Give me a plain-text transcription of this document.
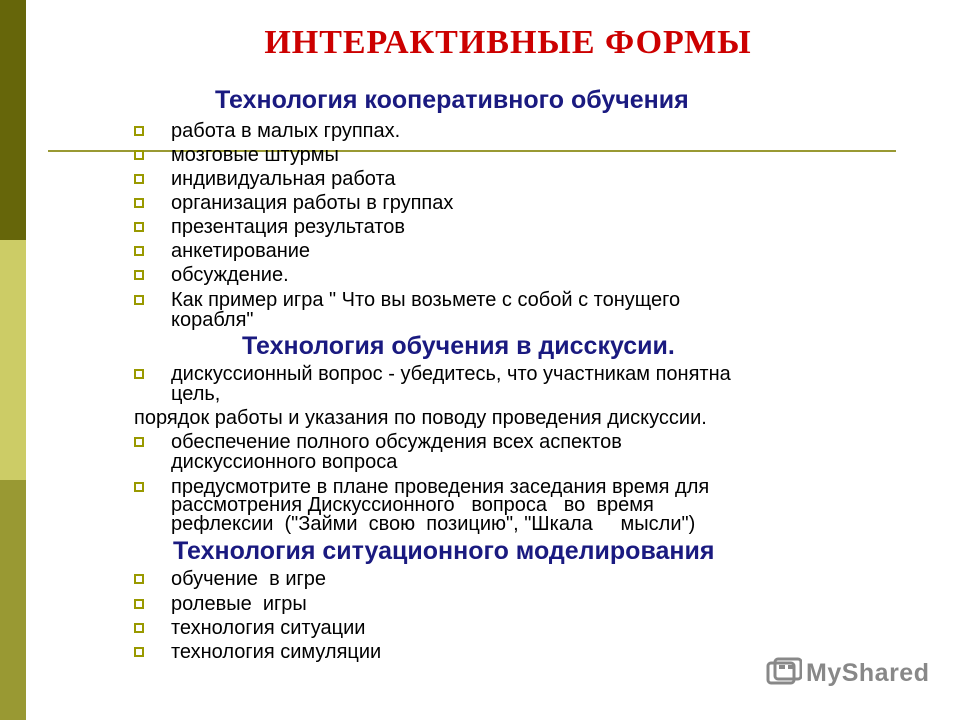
ИНТЕРАКТИВНЫЕ ФОРМЫ
Технология кооперативного обучения
работа в малых группах.
мозговые штурмы
индивидуальная работа
организация работы в группах
презентация результатов
анкетирование
обсуждение.
Как пример игра " Что вы возьмете с собой с тонущего
корабля"
Технология обучения в дисскусии.
дискуссионный вопрос - убедитесь, что участникам понятна
цель,
порядок работы и указания по поводу проведения дискуссии.
обеспечение полного обсуждения всех аспектов
дискуссионного вопроса
предусмотрите в плане проведения заседания время для
рассмотрения Дискуссионного   вопроса   во  время
рефлексии  ("Займи  свою  позицию", "Шкала     мысли")
Технология ситуационного моделирования
обучение  в игре
ролевые  игры
технология ситуации
технология симуляции
MyShared
